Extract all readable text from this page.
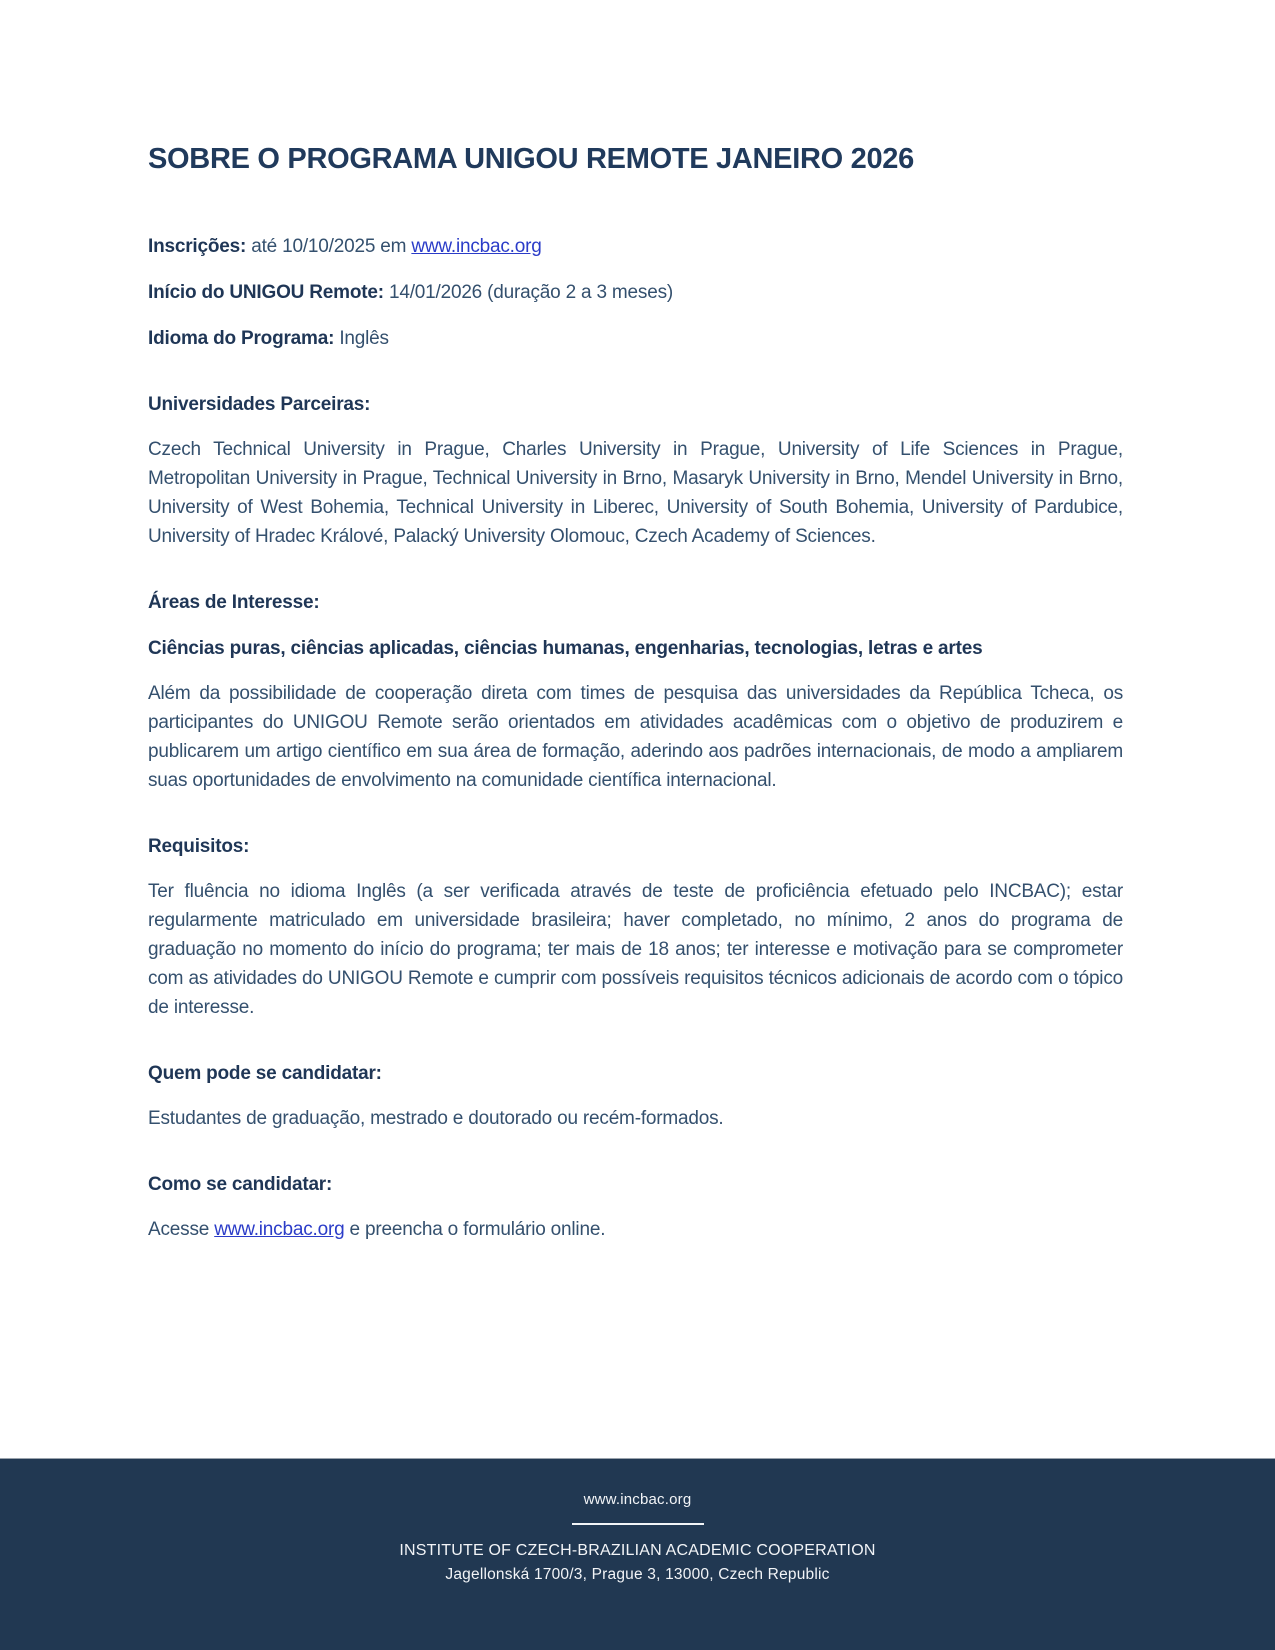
SOBRE O PROGRAMA UNIGOU REMOTE JANEIRO 2026
Inscrições: até 10/10/2025 em www.incbac.org
Início do UNIGOU Remote: 14/01/2026 (duração 2 a 3 meses)
Idioma do Programa: Inglês

Universidades Parceiras:

Czech Technical University in Prague, Charles University in Prague, University of Life Sciences in Prague, Metropolitan University in Prague, Technical University in Brno, Masaryk University in Brno, Mendel University in Brno, University of West Bohemia, Technical University in Liberec, University of South Bohemia, University of Pardubice, University of Hradec Králové, Palacký University Olomouc, Czech Academy of Sciences.

Áreas de Interesse:

Ciências puras, ciências aplicadas, ciências humanas, engenharias, tecnologias, letras e artes

Além da possibilidade de cooperação direta com times de pesquisa das universidades da República Tcheca, os participantes do UNIGOU Remote serão orientados em atividades acadêmicas com o objetivo de produzirem e publicarem um artigo científico em sua área de formação, aderindo aos padrões internacionais, de modo a ampliarem suas oportunidades de envolvimento na comunidade científica internacional.

Requisitos:

Ter fluência no idioma Inglês (a ser verificada através de teste de proficiência efetuado pelo INCBAC); estar regularmente matriculado em universidade brasileira; haver completado, no mínimo, 2 anos do programa de graduação no momento do início do programa; ter mais de 18 anos; ter interesse e motivação para se comprometer com as atividades do UNIGOU Remote e cumprir com possíveis requisitos técnicos adicionais de acordo com o tópico de interesse.

Quem pode se candidatar:

Estudantes de graduação, mestrado e doutorado ou recém-formados.

Como se candidatar:

Acesse www.incbac.org e preencha o formulário online.

www.incbac.org
INSTITUTE OF CZECH-BRAZILIAN ACADEMIC COOPERATION
Jagellonská 1700/3, Prague 3, 13000, Czech Republic
